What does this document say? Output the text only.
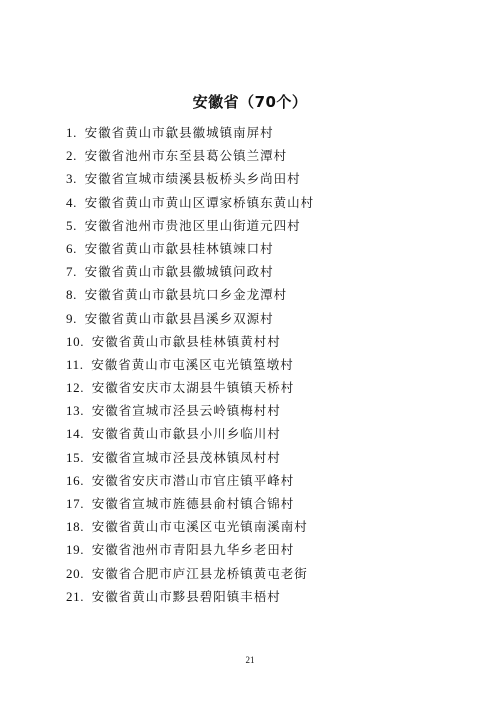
安徽省（70个）
1.  安徽省黄山市歙县徽城镇南屏村
2.  安徽省池州市东至县葛公镇兰潭村
3.  安徽省宣城市绩溪县板桥头乡尚田村
4.  安徽省黄山市黄山区谭家桥镇东黄山村
5.  安徽省池州市贵池区里山街道元四村
6.  安徽省黄山市歙县桂林镇竦口村
7.  安徽省黄山市歙县徽城镇问政村
8.  安徽省黄山市歙县坑口乡金龙潭村
9.  安徽省黄山市歙县昌溪乡双源村
10.  安徽省黄山市歙县桂林镇黄村村
11.  安徽省黄山市屯溪区屯光镇篁墩村
12.  安徽省安庆市太湖县牛镇镇天桥村
13.  安徽省宣城市泾县云岭镇梅村村
14.  安徽省黄山市歙县小川乡临川村
15.  安徽省宣城市泾县茂林镇凤村村
16.  安徽省安庆市潜山市官庄镇平峰村
17.  安徽省宣城市旌德县俞村镇合锦村
18.  安徽省黄山市屯溪区屯光镇南溪南村
19.  安徽省池州市青阳县九华乡老田村
20.  安徽省合肥市庐江县龙桥镇黄屯老街
21.  安徽省黄山市黟县碧阳镇丰梧村
21
